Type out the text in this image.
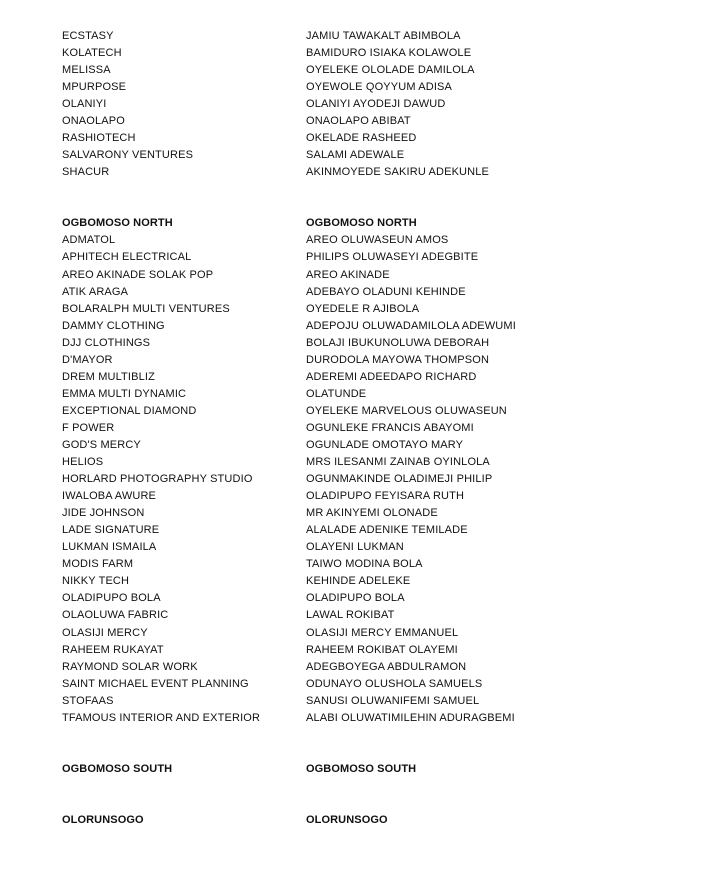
ECSTASY
KOLATECH
MELISSA
MPURPOSE
OLANIYI
ONAOLAPO
RASHIOTECH
SALVARONY VENTURES
SHACUR
OGBOMOSO NORTH
ADMATOL
APHITECH ELECTRICAL
AREO AKINADE SOLAK POP
ATIK ARAGA
BOLARALPH MULTI VENTURES
DAMMY CLOTHING
DJJ CLOTHINGS
D'MAYOR
DREM MULTIBLIZ
EMMA MULTI DYNAMIC
EXCEPTIONAL DIAMOND
F POWER
GOD'S MERCY
HELIOS
HORLARD PHOTOGRAPHY STUDIO
IWALOBA AWURE
JIDE JOHNSON
LADE SIGNATURE
LUKMAN ISMAILA
MODIS FARM
NIKKY TECH
OLADIPUPO BOLA
OLAOLUWA FABRIC
OLASIJI MERCY
RAHEEM RUKAYAT
RAYMOND SOLAR WORK
SAINT MICHAEL EVENT PLANNING
STOFAAS
TFAMOUS INTERIOR AND EXTERIOR
OGBOMOSO SOUTH
OLORUNSOGO
JAMIU TAWAKALT ABIMBOLA
BAMIDURO ISIAKA KOLAWOLE
OYELEKE OLOLADE DAMILOLA
OYEWOLE QOYYUM ADISA
OLANIYI AYODEJI DAWUD
ONAOLAPO ABIBAT
OKELADE RASHEED
SALAMI ADEWALE
AKINMOYEDE SAKIRU ADEKUNLE
OGBOMOSO NORTH
AREO OLUWASEUN AMOS
PHILIPS OLUWASEYI ADEGBITE
AREO AKINADE
ADEBAYO OLADUNI KEHINDE
OYEDELE R AJIBOLA
ADEPOJU OLUWADAMILOLA ADEWUMI
BOLAJI IBUKUNOLUWA DEBORAH
DURODOLA MAYOWA THOMPSON
ADEREMI ADEEDAPO RICHARD
OLATUNDE
OYELEKE MARVELOUS OLUWASEUN
OGUNLEKE FRANCIS ABAYOMI
OGUNLADE OMOTAYO MARY
MRS ILESANMI ZAINAB OYINLOLA
OGUNMAKINDE OLADIMEJI PHILIP
OLADIPUPO FEYISARA RUTH
MR AKINYEMI OLONADE
ALALADE ADENIKE TEMILADE
OLAYENI LUKMAN
TAIWO MODINA BOLA
KEHINDE ADELEKE
OLADIPUPO BOLA
LAWAL ROKIBAT
OLASIJI MERCY EMMANUEL
RAHEEM ROKIBAT OLAYEMI
ADEGBOYEGA ABDULRAMON
ODUNAYO OLUSHOLA SAMUELS
SANUSI OLUWANIFEMI SAMUEL
ALABI OLUWATIMILEHIN ADURAGBEMI
OGBOMOSO SOUTH
OLORUNSOGO
